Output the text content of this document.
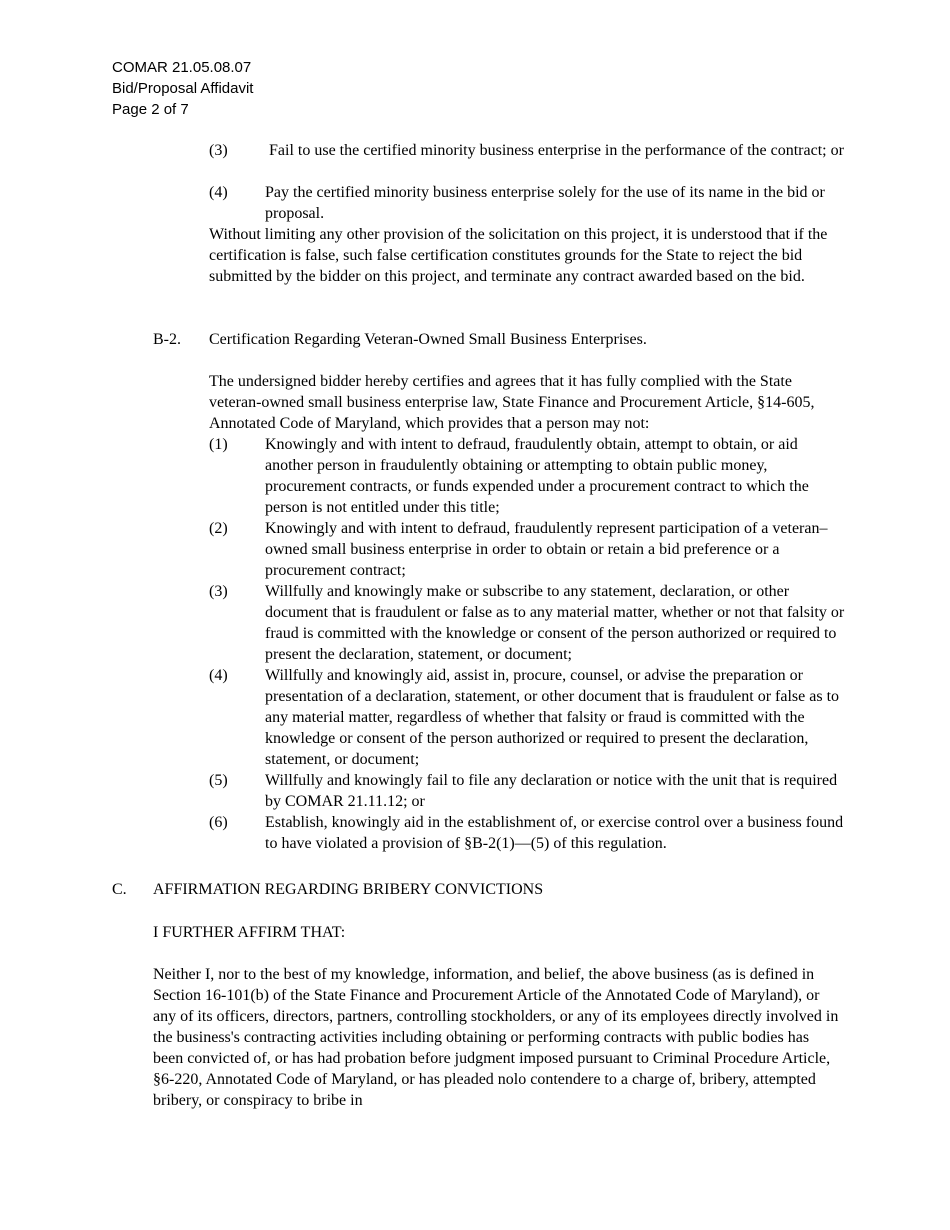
COMAR 21.05.08.07
Bid/Proposal Affidavit
Page 2 of 7
(3) Fail to use the certified minority business enterprise in the performance of the contract; or
(4) Pay the certified minority business enterprise solely for the use of its name in the bid or proposal.
Without limiting any other provision of the solicitation on this project, it is understood that if the certification is false, such false certification constitutes grounds for the State to reject the bid submitted by the bidder on this project, and terminate any contract awarded based on the bid.
B-2. Certification Regarding Veteran-Owned Small Business Enterprises.
The undersigned bidder hereby certifies and agrees that it has fully complied with the State veteran-owned small business enterprise law, State Finance and Procurement Article, §14-605, Annotated Code of Maryland, which provides that a person may not:
(1) Knowingly and with intent to defraud, fraudulently obtain, attempt to obtain, or aid another person in fraudulently obtaining or attempting to obtain public money, procurement contracts, or funds expended under a procurement contract to which the person is not entitled under this title;
(2) Knowingly and with intent to defraud, fraudulently represent participation of a veteran–owned small business enterprise in order to obtain or retain a bid preference or a procurement contract;
(3) Willfully and knowingly make or subscribe to any statement, declaration, or other document that is fraudulent or false as to any material matter, whether or not that falsity or fraud is committed with the knowledge or consent of the person authorized or required to present the declaration, statement, or document;
(4) Willfully and knowingly aid, assist in, procure, counsel, or advise the preparation or presentation of a declaration, statement, or other document that is fraudulent or false as to any material matter, regardless of whether that falsity or fraud is committed with the knowledge or consent of the person authorized or required to present the declaration, statement, or document;
(5) Willfully and knowingly fail to file any declaration or notice with the unit that is required by COMAR 21.11.12; or
(6) Establish, knowingly aid in the establishment of, or exercise control over a business found to have violated a provision of §B-2(1)—(5) of this regulation.
C. AFFIRMATION REGARDING BRIBERY CONVICTIONS
I FURTHER AFFIRM THAT:
Neither I, nor to the best of my knowledge, information, and belief, the above business (as is defined in Section 16-101(b) of the State Finance and Procurement Article of the Annotated Code of Maryland), or any of its officers, directors, partners, controlling stockholders, or any of its employees directly involved in the business's contracting activities including obtaining or performing contracts with public bodies has been convicted of, or has had probation before judgment imposed pursuant to Criminal Procedure Article, §6-220, Annotated Code of Maryland, or has pleaded nolo contendere to a charge of, bribery, attempted bribery, or conspiracy to bribe in
